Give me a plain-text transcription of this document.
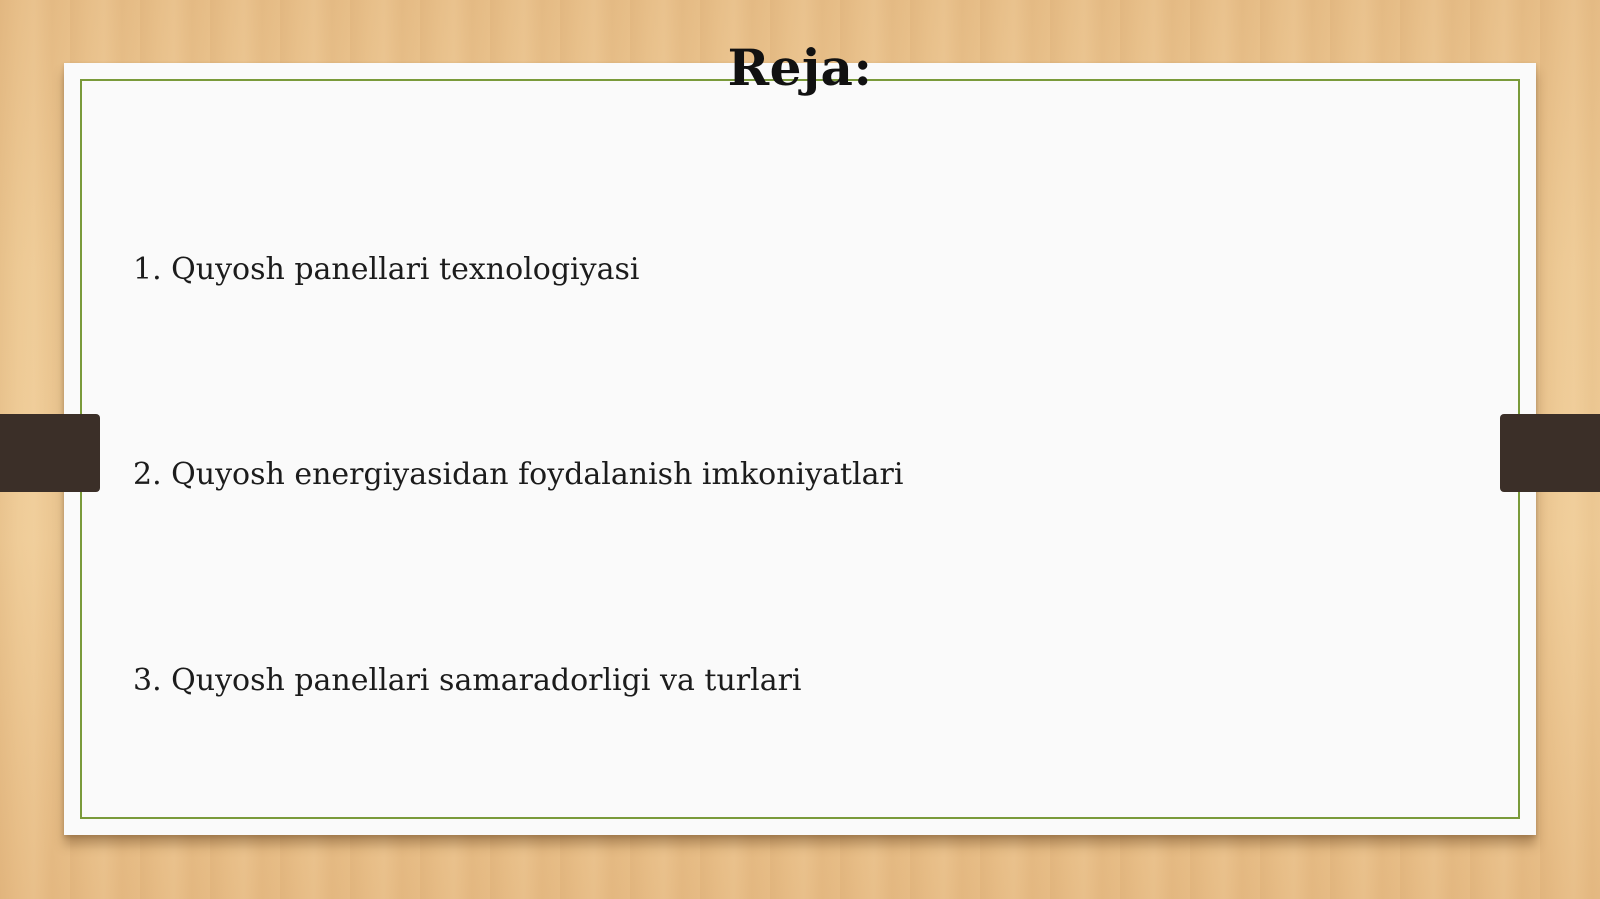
Reja:
1. Quyosh panellari texnologiyasi
2. Quyosh energiyasidan foydalanish imkoniyatlari
3. Quyosh panellari samaradorligi va turlari
